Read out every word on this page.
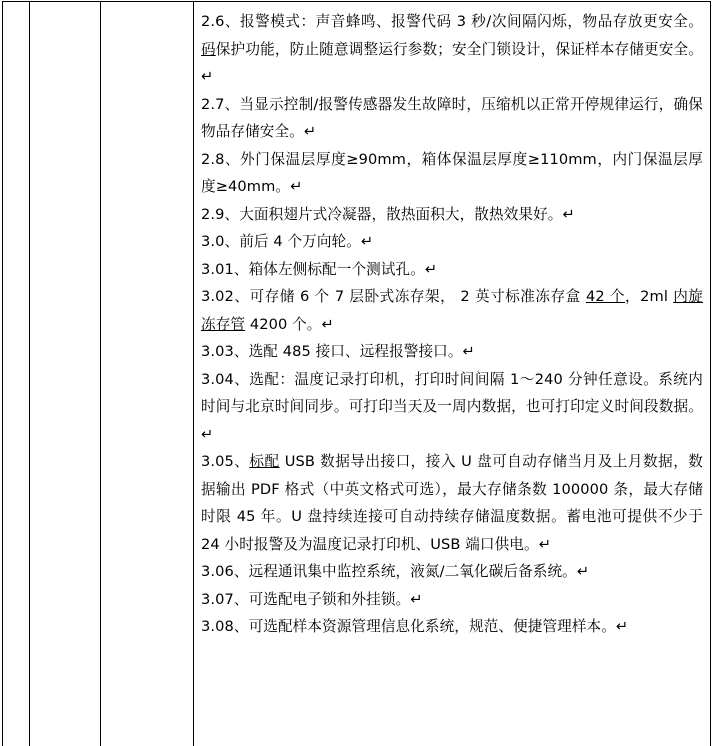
2.6、报警模式：声音蜂鸣、报警代码 3 秒/次间隔闪烁，物品存放更安全。码保护功能，防止随意调整运行参数；安全门锁设计，保证样本存储更安全。↵
2.7、当显示控制/报警传感器发生故障时，压缩机以正常开停规律运行，确保物品存储安全。↵
2.8、外门保温层厚度≥90mm，箱体保温层厚度≥110mm，内门保温层厚度≥40mm。↵
2.9、大面积翅片式冷凝器，散热面积大，散热效果好。↵
3.0、前后 4 个万向轮。↵
3.01、箱体左侧标配一个测试孔。↵
3.02、可存储 6 个 7 层卧式冻存架， 2 英寸标准冻存盒 42 个，2ml 内旋冻存管 4200 个。↵
3.03、选配 485 接口、远程报警接口。↵
3.04、选配：温度记录打印机，打印时间间隔 1～240 分钟任意设。系统内时间与北京时间同步。可打印当天及一周内数据，也可打印定义时间段数据。↵
3.05、标配 USB 数据导出接口，接入 U 盘可自动存储当月及上月数据，数据输出 PDF 格式（中英文格式可选），最大存储条数 100000 条，最大存储时限 45 年。U 盘持续连接可自动持续存储温度数据。蓄电池可提供不少于 24 小时报警及为温度记录打印机、USB 端口供电。↵
3.06、远程通讯集中监控系统，液氮/二氧化碳后备系统。↵
3.07、可选配电子锁和外挂锁。↵
3.08、可选配样本资源管理信息化系统，规范、便捷管理样本。↵
